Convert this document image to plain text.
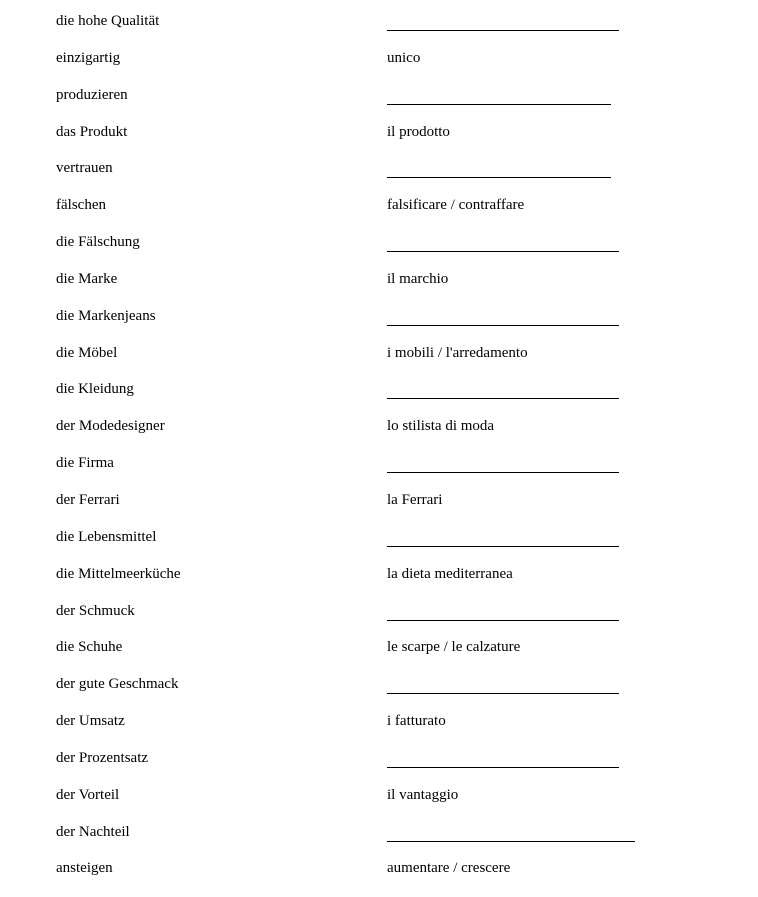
die hohe Qualität
einzigartig	unico
produzieren
das Produkt	il prodotto
vertrauen
fälschen	falsificare / contraffare
die Fälschung
die Marke	il marchio
die Markenjeans
die Möbel	i mobili / l'arredamento
die Kleidung
der Modedesigner	lo stilista di moda
die Firma
der Ferrari	la Ferrari
die Lebensmittel
die Mittelmeerküche	la dieta mediterranea
der Schmuck
die Schuhe	le scarpe / le calzature
der gute Geschmack
der Umsatz	i fatturato
der Prozentsatz
der Vorteil	il vantaggio
der Nachteil
ansteigen	aumentare / crescere
